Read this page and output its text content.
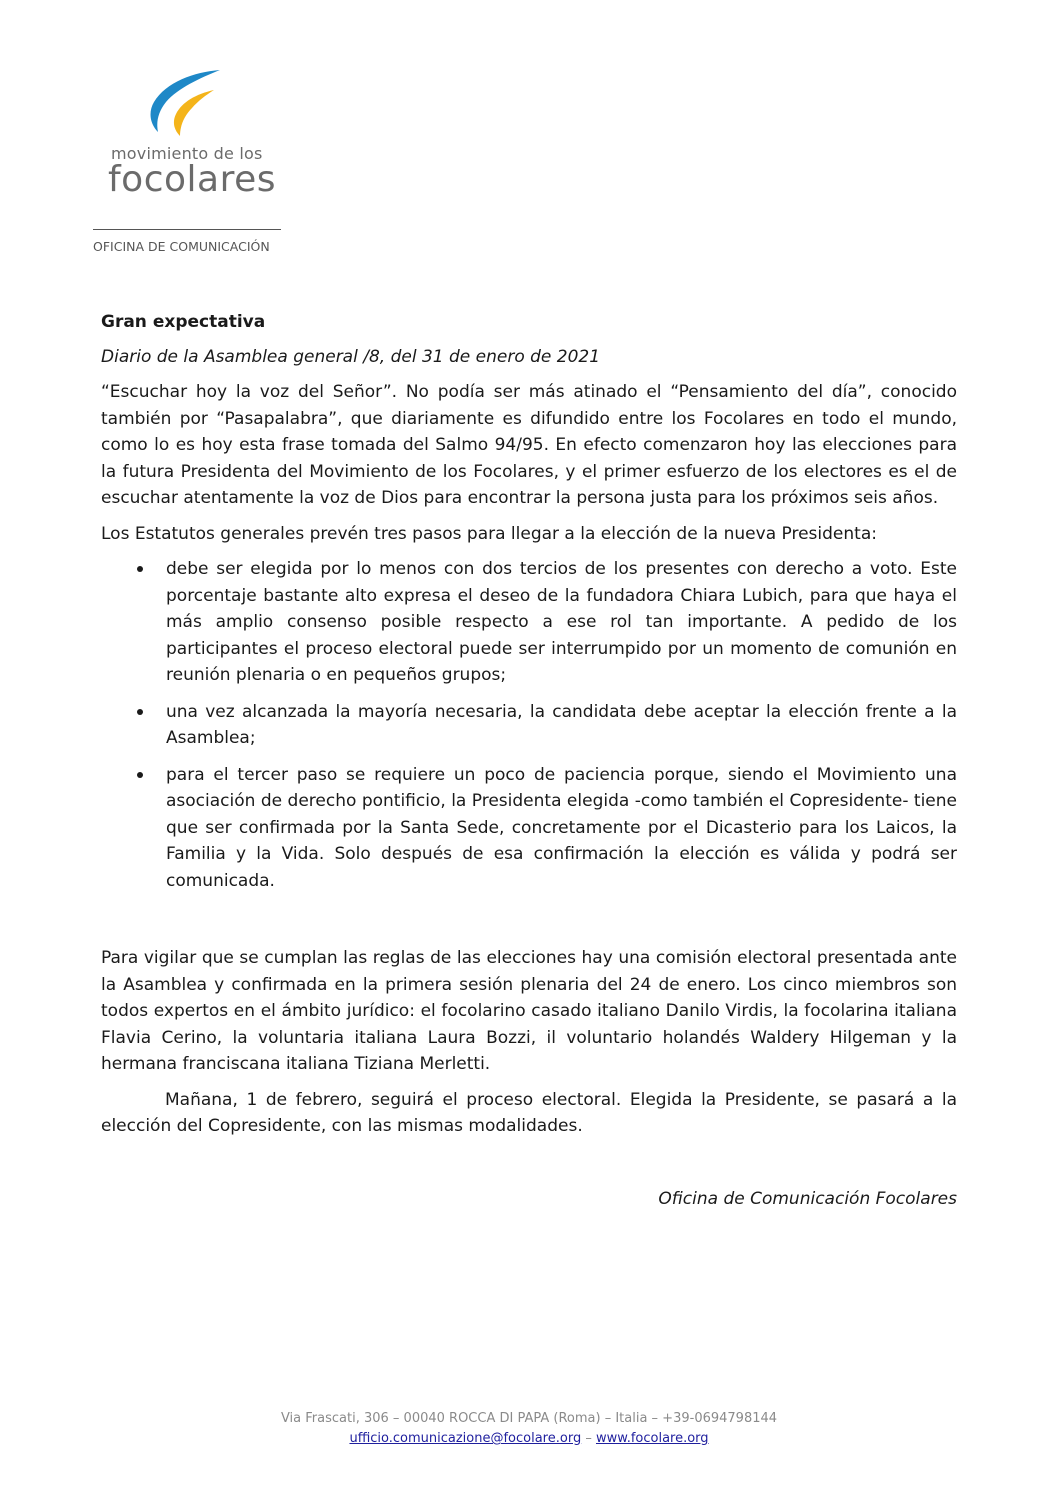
movimiento de los
focolares
OFICINA DE COMUNICACIÓN
Gran expectativa
Diario de la Asamblea general /8, del 31 de enero de 2021

“Escuchar hoy la voz del Señor”. No podía ser más atinado el “Pensamiento del día”, conocido también por “Pasapalabra”, que diariamente es difundido entre los Focolares en todo el mundo, como lo es hoy esta frase tomada del Salmo 94/95. En efecto comenzaron hoy las elecciones para la futura Presidenta del Movimiento de los Focolares, y el primer esfuerzo de los electores es el de escuchar atentamente la voz de Dios para encontrar la persona justa para los próximos seis años.

Los Estatutos generales prevén tres pasos para llegar a la elección de la nueva Presidenta:

debe ser elegida por lo menos con dos tercios de los presentes con derecho a voto. Este porcentaje bastante alto expresa el deseo de la fundadora Chiara Lubich, para que haya el más amplio consenso posible respecto a ese rol tan importante. A pedido de los participantes el proceso electoral puede ser interrumpido por un momento de comunión en reunión plenaria o en pequeños grupos;
una vez alcanzada la mayoría necesaria, la candidata debe aceptar la elección frente a la Asamblea;
para el tercer paso se requiere un poco de paciencia porque, siendo el Movimiento una asociación de derecho pontificio, la Presidenta elegida -como también el Copresidente- tiene que ser confirmada por la Santa Sede, concretamente por el Dicasterio para los Laicos, la Familia y la Vida. Solo después de esa confirmación la elección es válida y podrá ser comunicada.

Para vigilar que se cumplan las reglas de las elecciones hay una comisión electoral presentada ante la Asamblea y confirmada en la primera sesión plenaria del 24 de enero. Los cinco miembros son todos expertos en el ámbito jurídico: el focolarino casado italiano Danilo Virdis, la focolarina italiana Flavia Cerino, la voluntaria italiana Laura Bozzi, il voluntario holandés Waldery Hilgeman y la hermana franciscana italiana Tiziana Merletti.

Mañana, 1 de febrero, seguirá el proceso electoral. Elegida la Presidente, se pasará a la elección del Copresidente, con las mismas modalidades.

Oficina de Comunicación Focolares
Via Frascati, 306 – 00040 ROCCA DI PAPA (Roma) – Italia – +39-0694798144
ufficio.comunicazione@focolare.org – www.focolare.org
